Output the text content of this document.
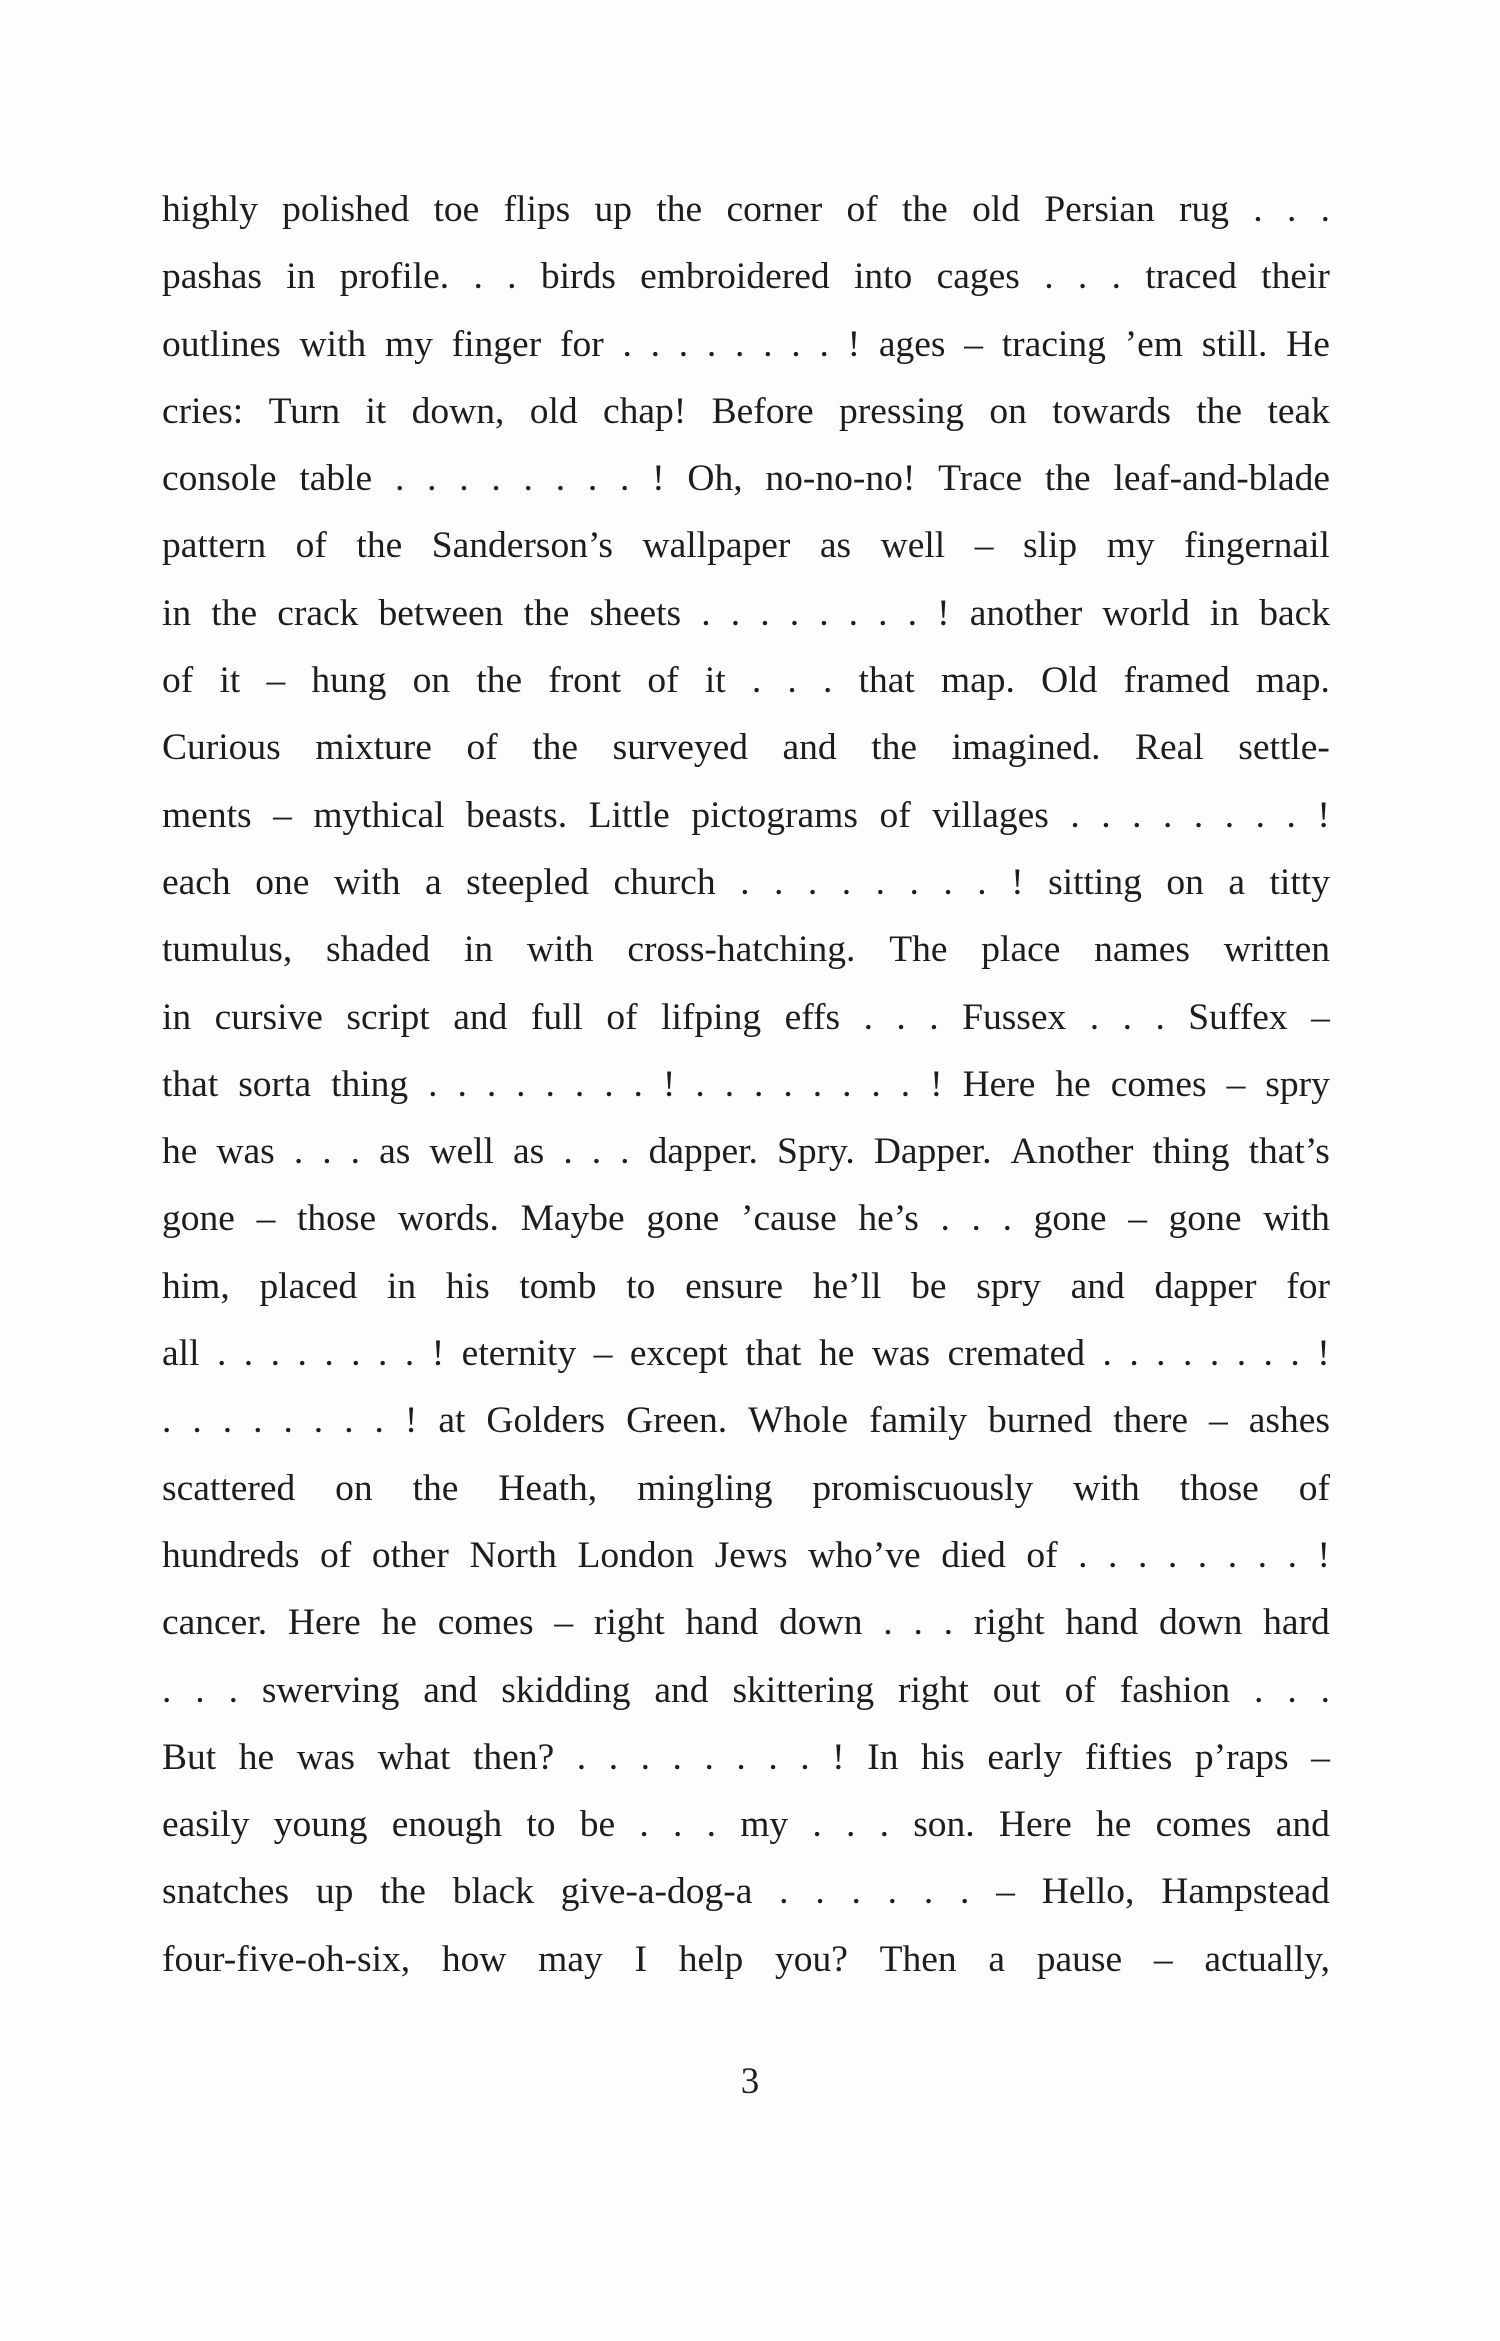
highly polished toe flips up the corner of the old Persian rug . . .
pashas in profile. . . birds embroidered into cages . . . traced their
outlines with my finger for . . . . . . . . ! ages – tracing ’em still. He
cries: Turn it down, old chap! Before pressing on towards the teak
console table . . . . . . . . ! Oh, no-no-no! Trace the leaf-and-blade
pattern of the Sanderson’s wallpaper as well – slip my fingernail
in the crack between the sheets . . . . . . . . ! another world in back
of it – hung on the front of it . . . that map. Old framed map.
Curious mixture of the surveyed and the imagined. Real settle-
ments – mythical beasts. Little pictograms of villages . . . . . . . . !
each one with a steepled church . . . . . . . . ! sitting on a titty
tumulus, shaded in with cross-hatching. The place names written
in cursive script and full of lifping effs . . . Fussex . . . Suffex –
that sorta thing . . . . . . . . ! . . . . . . . . ! Here he comes – spry
he was . . . as well as . . . dapper. Spry. Dapper. Another thing that’s
gone – those words. Maybe gone ’cause he’s . . . gone – gone with
him, placed in his tomb to ensure he’ll be spry and dapper for
all . . . . . . . . ! eternity – except that he was cremated . . . . . . . . !
. . . . . . . . ! at Golders Green. Whole family burned there – ashes
scattered on the Heath, mingling promiscuously with those of
hundreds of other North London Jews who’ve died of . . . . . . . . !
cancer. Here he comes – right hand down . . . right hand down hard
. . . swerving and skidding and skittering right out of fashion . . .
But he was what then? . . . . . . . . ! In his early fifties p’raps –
easily young enough to be . . . my . . . son. Here he comes and
snatches up the black give-a-dog-a . . . . . . – Hello, Hampstead
four-five-oh-six, how may I help you? Then a pause – actually,
3
